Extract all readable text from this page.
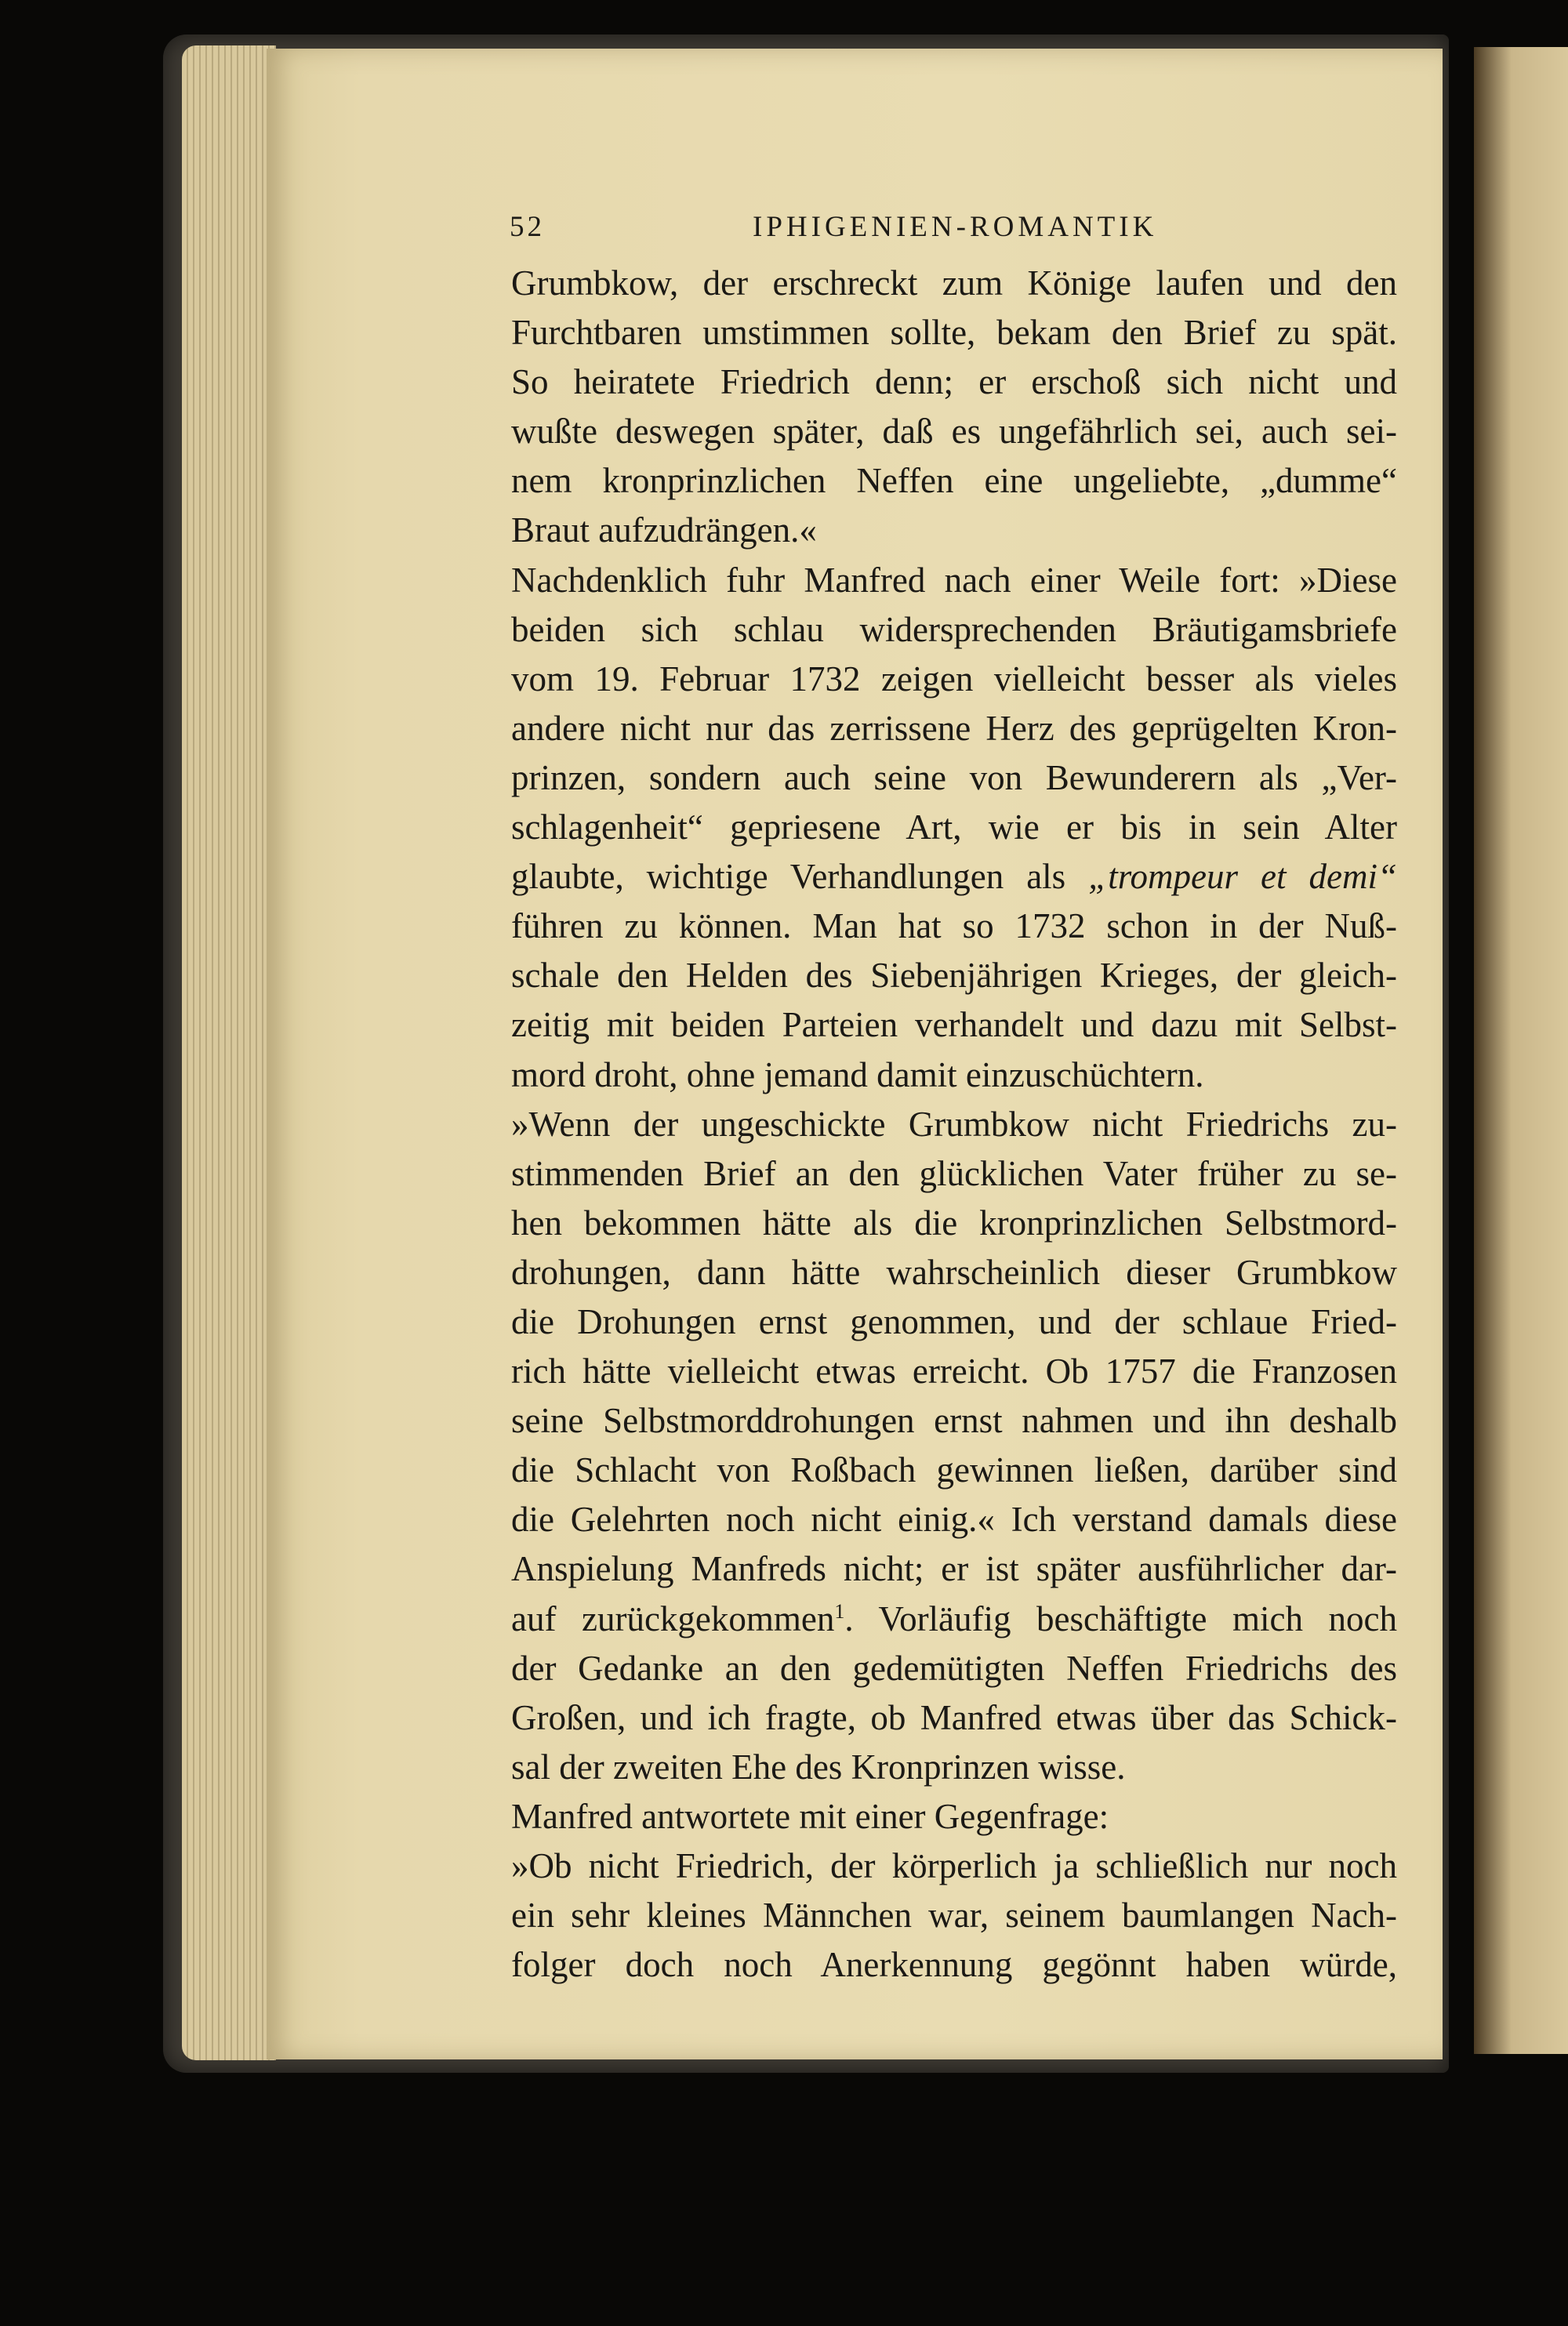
52	IPHIGENIEN-ROMANTIK
Grumbkow, der erschreckt zum Könige laufen und den
Furchtbaren umstimmen sollte, bekam den Brief zu spät.
So heiratete Friedrich denn; er erschoß sich nicht und
wußte deswegen später, daß es ungefährlich sei, auch sei-
nem kronprinzlichen Neffen eine ungeliebte, „dumme“
Braut aufzudrängen.«
Nachdenklich fuhr Manfred nach einer Weile fort: »Diese
beiden sich schlau widersprechenden Bräutigamsbriefe
vom 19. Februar 1732 zeigen vielleicht besser als vieles
andere nicht nur das zerrissene Herz des geprügelten Kron-
prinzen, sondern auch seine von Bewunderern als „Ver-
schlagenheit“ gepriesene Art, wie er bis in sein Alter
glaubte, wichtige Verhandlungen als „trompeur et demi“
führen zu können. Man hat so 1732 schon in der Nuß-
schale den Helden des Siebenjährigen Krieges, der gleich-
zeitig mit beiden Parteien verhandelt und dazu mit Selbst-
mord droht, ohne jemand damit einzuschüchtern.
»Wenn der ungeschickte Grumbkow nicht Friedrichs zu-
stimmenden Brief an den glücklichen Vater früher zu se-
hen bekommen hätte als die kronprinzlichen Selbstmord-
drohungen, dann hätte wahrscheinlich dieser Grumbkow
die Drohungen ernst genommen, und der schlaue Fried-
rich hätte vielleicht etwas erreicht. Ob 1757 die Franzosen
seine Selbstmorddrohungen ernst nahmen und ihn deshalb
die Schlacht von Roßbach gewinnen ließen, darüber sind
die Gelehrten noch nicht einig.« Ich verstand damals diese
Anspielung Manfreds nicht; er ist später ausführlicher dar-
auf zurückgekommen$^1$. Vorläufig beschäftigte mich noch
der Gedanke an den gedemütigten Neffen Friedrichs des
Großen, und ich fragte, ob Manfred etwas über das Schick-
sal der zweiten Ehe des Kronprinzen wisse.
Manfred antwortete mit einer Gegenfrage:
»Ob nicht Friedrich, der körperlich ja schließlich nur noch
ein sehr kleines Männchen war, seinem baumlangen Nach-
folger doch noch Anerkennung gegönnt haben würde,
